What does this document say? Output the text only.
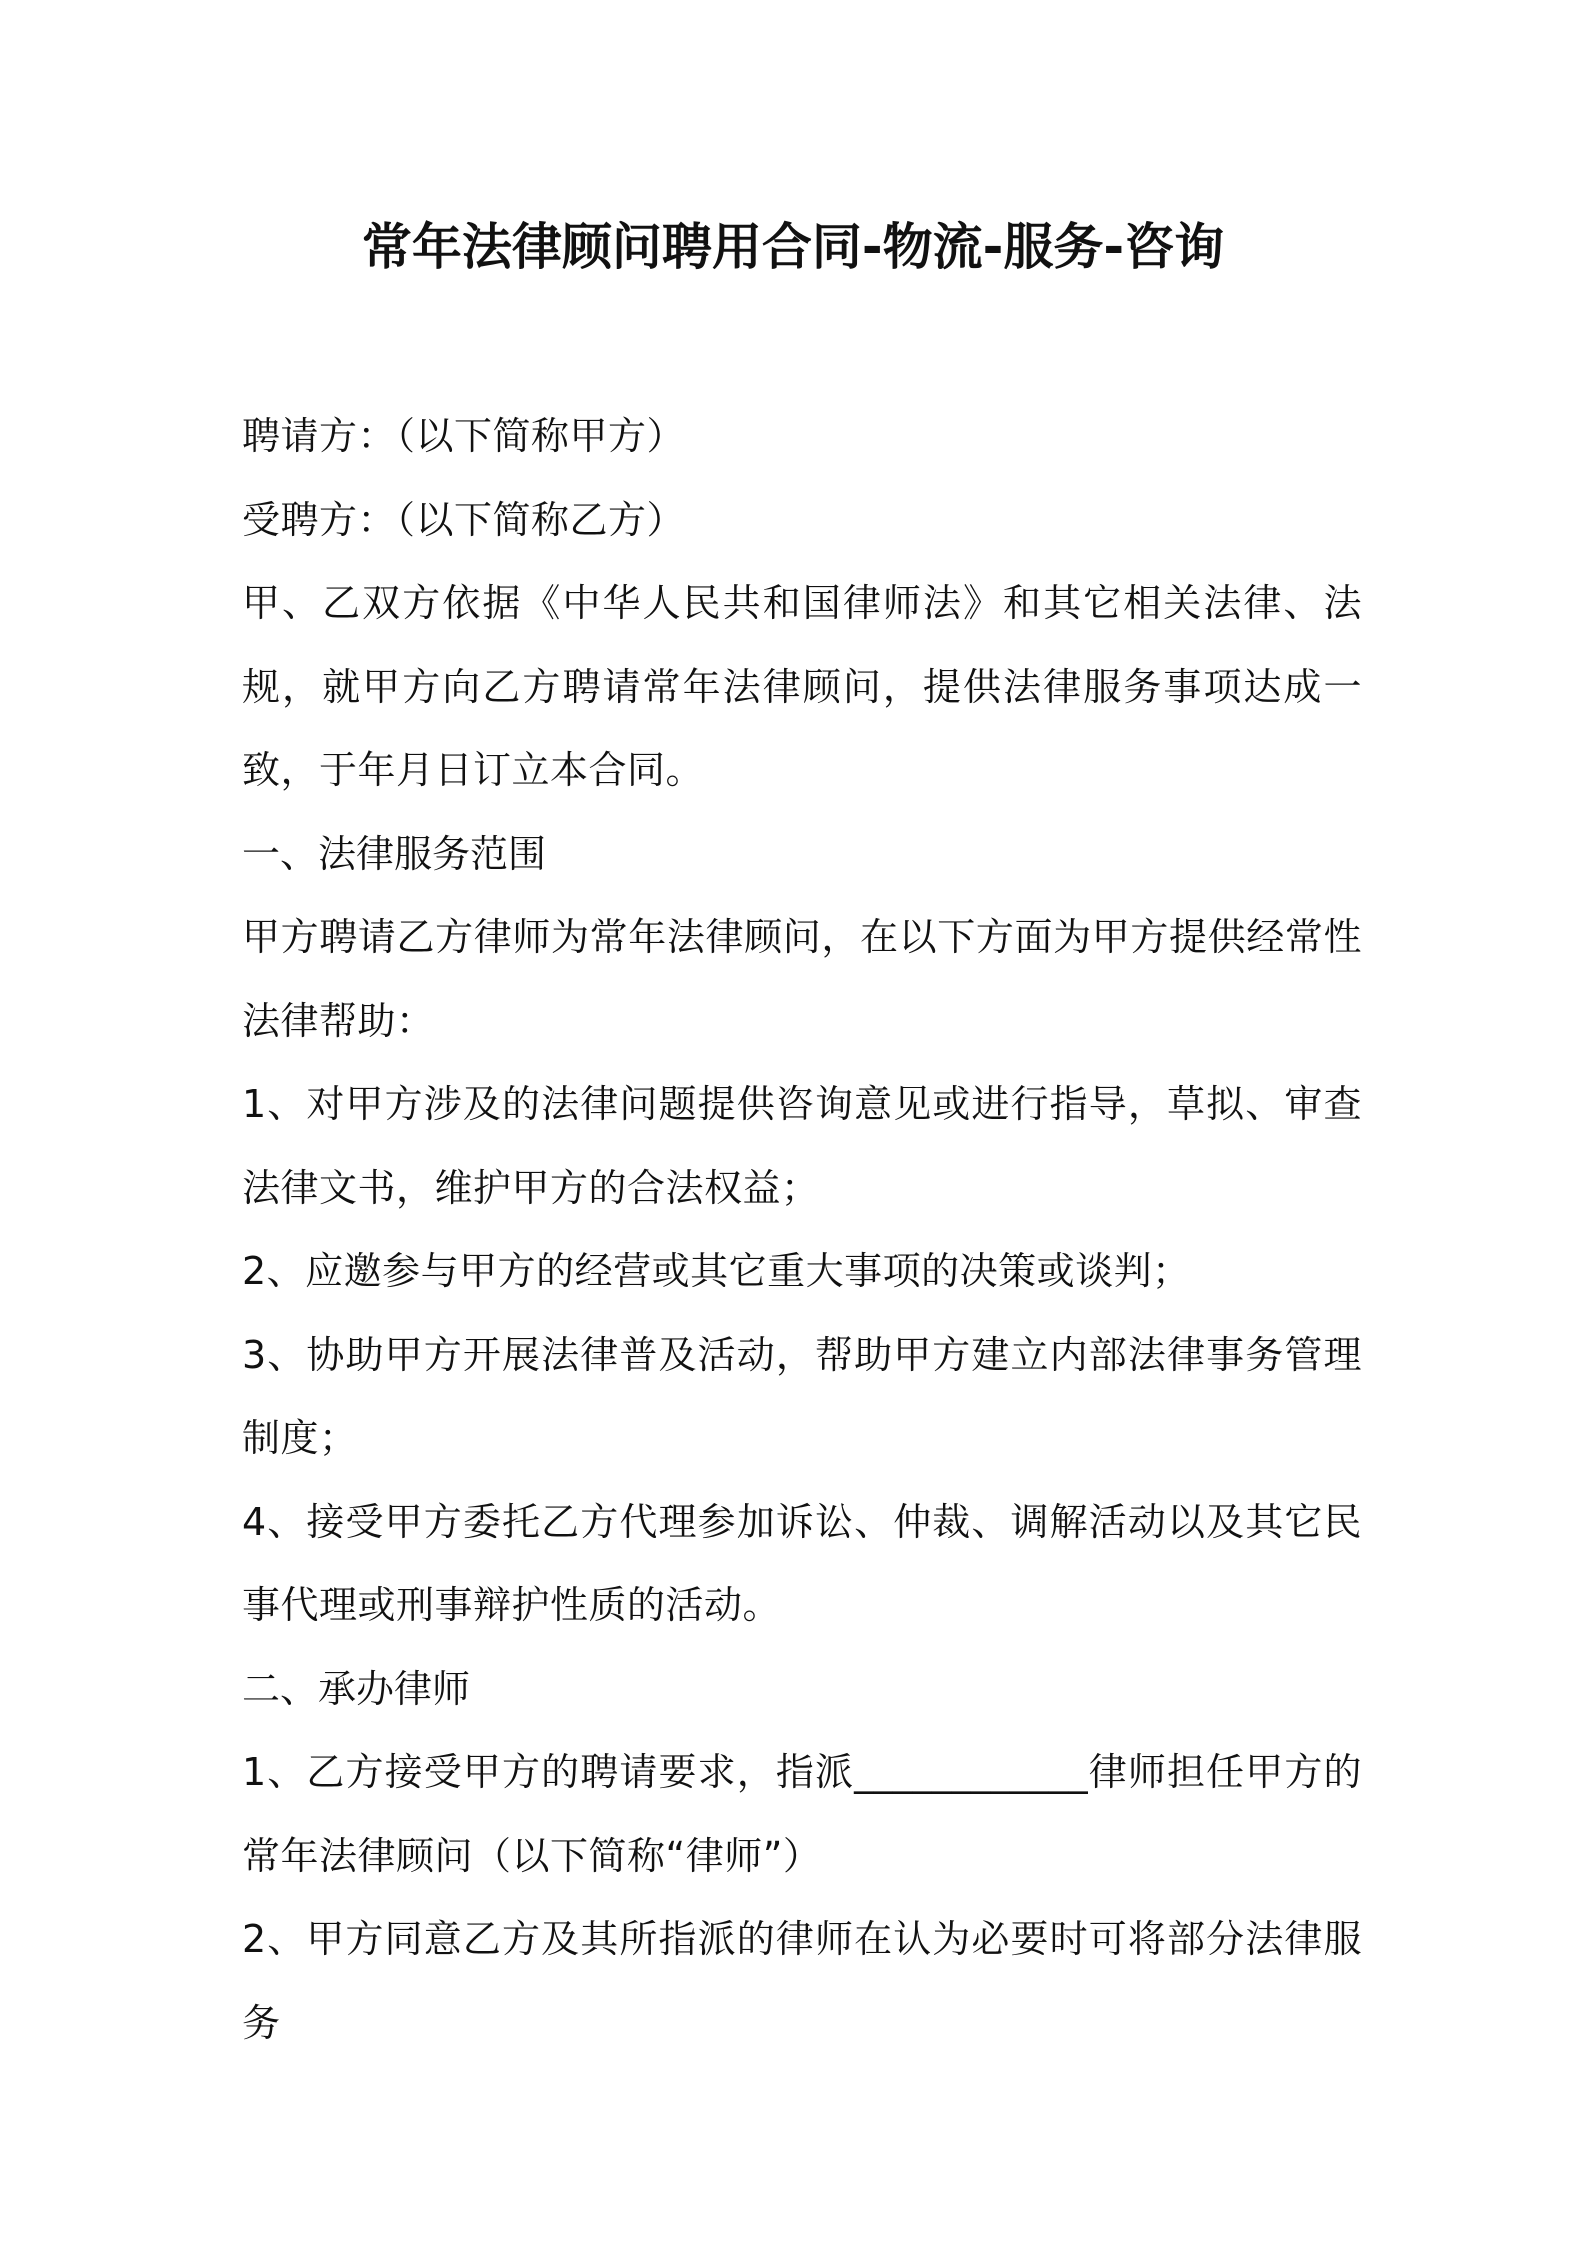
常年法律顾问聘用合同-物流-服务-咨询

聘请方：（以下简称甲方）

受聘方：（以下简称乙方）

甲、乙双方依据《中华人民共和国律师法》和其它相关法律、法规，就甲方向乙方聘请常年法律顾问，提供法律服务事项达成一致，于年月日订立本合同。

一、法律服务范围

甲方聘请乙方律师为常年法律顾问，在以下方面为甲方提供经常性法律帮助：

1、对甲方涉及的法律问题提供咨询意见或进行指导，草拟、审查法律文书，维护甲方的合法权益；

2、应邀参与甲方的经营或其它重大事项的决策或谈判；

3、协助甲方开展法律普及活动，帮助甲方建立内部法律事务管理制度；

4、接受甲方委托乙方代理参加诉讼、仲裁、调解活动以及其它民事代理或刑事辩护性质的活动。

二、承办律师

1、乙方接受甲方的聘请要求，指派____________律师担任甲方的常年法律顾问（以下简称“律师”）

2、甲方同意乙方及其所指派的律师在认为必要时可将部分法律服务
